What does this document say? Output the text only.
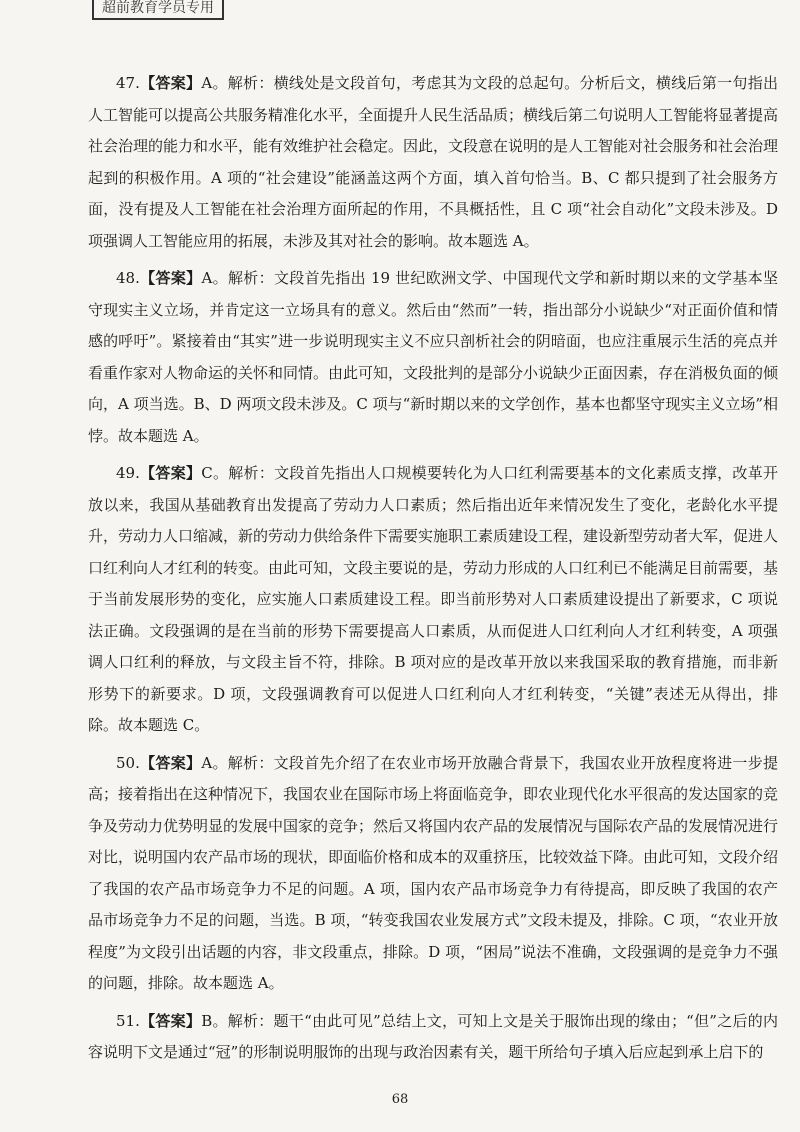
超前教育学员专用

47.【答案】A。解析：横线处是文段首句，考虑其为文段的总起句。分析后文，横线后第一句指出人工智能可以提高公共服务精准化水平，全面提升人民生活品质；横线后第二句说明人工智能将显著提高社会治理的能力和水平，能有效维护社会稳定。因此，文段意在说明的是人工智能对社会服务和社会治理起到的积极作用。A 项的“社会建设”能涵盖这两个方面，填入首句恰当。B、C 都只提到了社会服务方面，没有提及人工智能在社会治理方面所起的作用，不具概括性，且 C 项“社会自动化”文段未涉及。D 项强调人工智能应用的拓展，未涉及其对社会的影响。故本题选 A。

48.【答案】A。解析：文段首先指出 19 世纪欧洲文学、中国现代文学和新时期以来的文学基本坚守现实主义立场，并肯定这一立场具有的意义。然后由“然而”一转，指出部分小说缺少“对正面价值和情感的呼吁”。紧接着由“其实”进一步说明现实主义不应只剖析社会的阴暗面，也应注重展示生活的亮点并看重作家对人物命运的关怀和同情。由此可知，文段批判的是部分小说缺少正面因素，存在消极负面的倾向，A 项当选。B、D 两项文段未涉及。C 项与“新时期以来的文学创作，基本也都坚守现实主义立场”相悖。故本题选 A。

49.【答案】C。解析：文段首先指出人口规模要转化为人口红利需要基本的文化素质支撑，改革开放以来，我国从基础教育出发提高了劳动力人口素质；然后指出近年来情况发生了变化，老龄化水平提升，劳动力人口缩减，新的劳动力供给条件下需要实施职工素质建设工程，建设新型劳动者大军，促进人口红利向人才红利的转变。由此可知，文段主要说的是，劳动力形成的人口红利已不能满足目前需要，基于当前发展形势的变化，应实施人口素质建设工程。即当前形势对人口素质建设提出了新要求，C 项说法正确。文段强调的是在当前的形势下需要提高人口素质，从而促进人口红利向人才红利转变，A 项强调人口红利的释放，与文段主旨不符，排除。B 项对应的是改革开放以来我国采取的教育措施，而非新形势下的新要求。D 项，文段强调教育可以促进人口红利向人才红利转变，“关键”表述无从得出，排除。故本题选 C。

50.【答案】A。解析：文段首先介绍了在农业市场开放融合背景下，我国农业开放程度将进一步提高；接着指出在这种情况下，我国农业在国际市场上将面临竞争，即农业现代化水平很高的发达国家的竞争及劳动力优势明显的发展中国家的竞争；然后又将国内农产品的发展情况与国际农产品的发展情况进行对比，说明国内农产品市场的现状，即面临价格和成本的双重挤压，比较效益下降。由此可知，文段介绍了我国的农产品市场竞争力不足的问题。A 项，国内农产品市场竞争力有待提高，即反映了我国的农产品市场竞争力不足的问题，当选。B 项，“转变我国农业发展方式”文段未提及，排除。C 项，“农业开放程度”为文段引出话题的内容，非文段重点，排除。D 项，“困局”说法不准确，文段强调的是竞争力不强的问题，排除。故本题选 A。

51.【答案】B。解析：题干“由此可见”总结上文，可知上文是关于服饰出现的缘由；“但”之后的内容说明下文是通过“冠”的形制说明服饰的出现与政治因素有关，题干所给句子填入后应起到承上启下的

68
